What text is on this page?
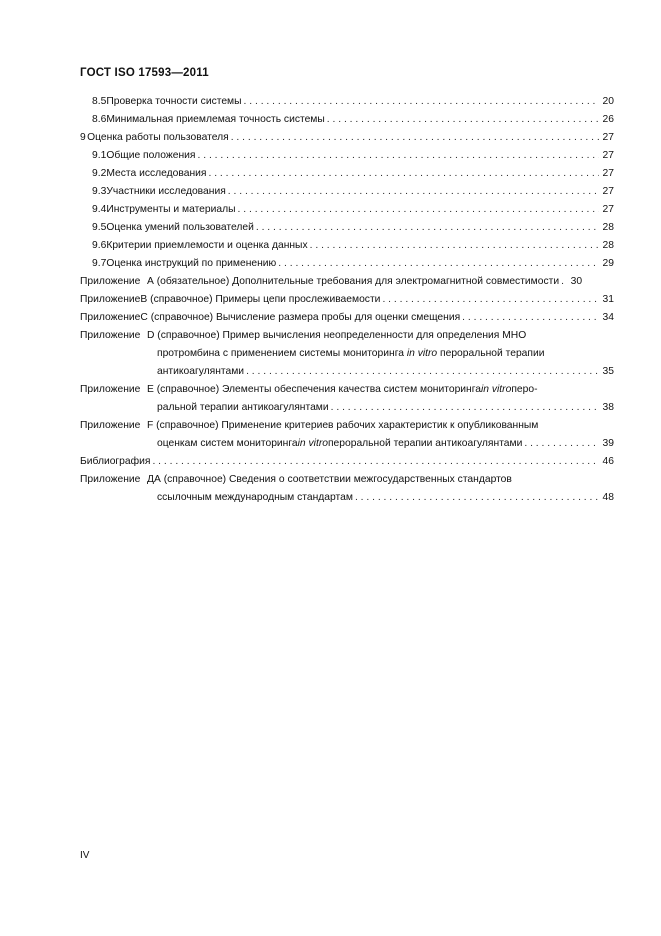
ГОСТ ISO 17593—2011
8.5 Проверка точности системы . . .	20
8.6 Минимальная приемлемая точность системы . . .	26
9 Оценка работы пользователя . . .	27
9.1 Общие положения . . .	27
9.2 Места исследования . . .	27
9.3 Участники исследования . . .	27
9.4 Инструменты и материалы . . .	27
9.5 Оценка умений пользователей . . .	28
9.6 Критерии приемлемости и оценка данных . . .	28
9.7 Оценка инструкций по применению . . .	29
Приложение А (обязательное) Дополнительные требования для электромагнитной совместимости . . . 30
Приложение В (справочное) Примеры цепи прослеживаемости . . .	31
Приложение С (справочное) Вычисление размера пробы для оценки смещения . . .	34
Приложение D (справочное) Пример вычисления неопределенности для определения МНО
протромбина с применением системы мониторинга in vitro пероральной терапии
антикоагулянтами . . .	35
Приложение Е (справочное) Элементы обеспечения качества систем мониторинга in vitro перо-
ральной терапии антикоагулянтами . . .	38
Приложение F (справочное) Применение критериев рабочих характеристик к опубликованным
оценкам систем мониторинга in vitro пероральной терапии антикоагулянтами . . .	39
Библиография . . .	46
Приложение ДА (справочное) Сведения о соответствии межгосударственных стандартов
ссылочным международным стандартам . . .	48
IV
